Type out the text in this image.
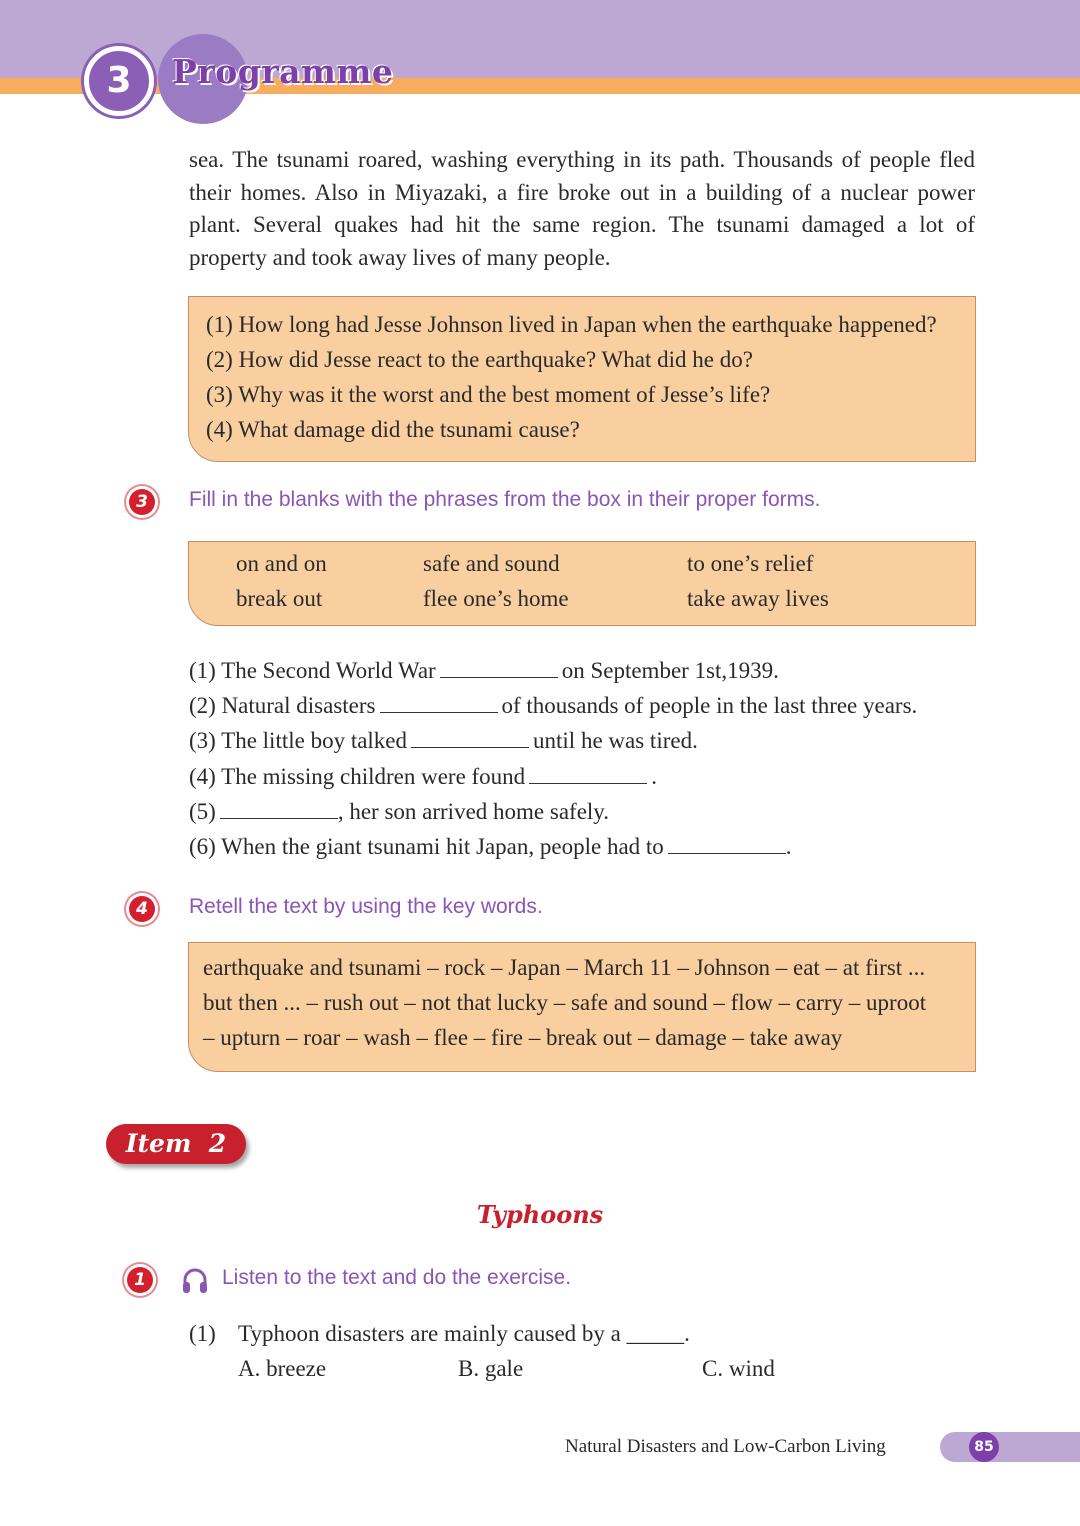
3	Programme

sea. The tsunami roared, washing everything in its path. Thousands of people fled

their homes. Also in Miyazaki, a fire broke out in a building of a nuclear power

plant. Several quakes had hit the same region. The tsunami damaged a lot of

property and took away lives of many people.

(1) How long had Jesse Johnson lived in Japan when the earthquake happened?
(2) How did Jesse react to the earthquake? What did he do?
(3) Why was it the worst and the best moment of Jesse’s life?
(4) What damage did the tsunami cause?
3	Fill in the blanks with the phrases from the box in their proper forms.
on and on	safe and sound	to one’s relief
break out	flee one’s home	take away lives
(1) The Second World War	on September 1st,1939.
(2) Natural disasters	of thousands of people in the last three years.
(3) The little boy talked	until he was tired.
(4) The missing children were found	.
(5)	, her son arrived home safely.
(6) When the giant tsunami hit Japan, people had to	.
4	Retell the text by using the key words.
earthquake and tsunami – rock – Japan – March 11 – Johnson – eat – at first ...
but then ... – rush out – not that lucky – safe and sound – flow – carry – uproot
– upturn – roar – wash – flee – fire – break out – damage – take away
Item  2
Typhoons
1	Listen to the text and do the exercise.
(1) Typhoon disasters are mainly caused by a _____.
A. breeze	B. gale	C. wind
Natural Disasters and Low-Carbon Living	85
